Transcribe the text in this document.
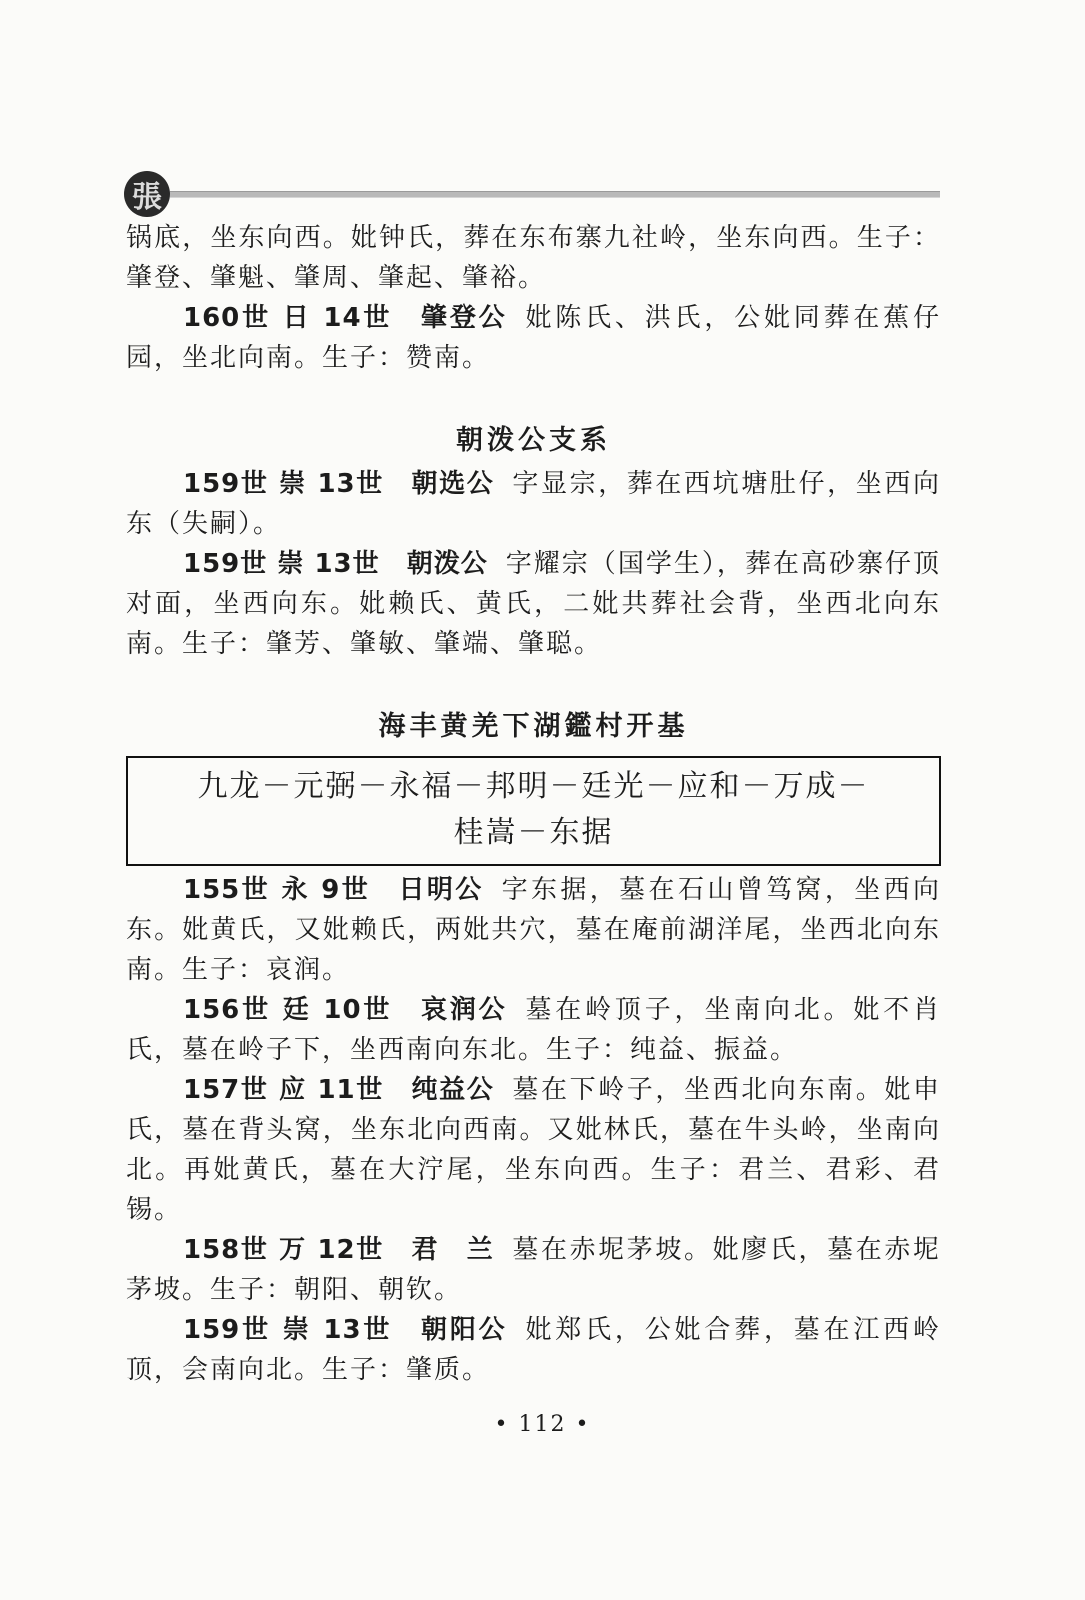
張

锅底，坐东向西。妣钟氏，葬在东布寨九社岭，坐东向西。生子：肇登、肇魁、肇周、肇起、肇裕。

160世 日 14世　肇登公 妣陈氏、洪氏，公妣同葬在蕉仔园，坐北向南。生子：赞南。

朝泼公支系

159世 崇 13世　朝选公 字显宗，葬在西坑塘肚仔，坐西向东（失嗣）。

159世 崇 13世　朝泼公 字耀宗（国学生），葬在高砂寨仔顶对面，坐西向东。妣赖氏、黄氏，二妣共葬社会背，坐西北向东南。生子：肇芳、肇敏、肇端、肇聪。

海丰黄羌下湖鑑村开基

九龙－元弼－永福－邦明－廷光－应和－万成－
桂嵩－东据

155世 永 9世　日明公 字东据，墓在石山曾笃窝，坐西向东。妣黄氏，又妣赖氏，两妣共穴，墓在庵前湖洋尾，坐西北向东南。生子：哀润。

156世 廷 10世　哀润公 墓在岭顶子，坐南向北。妣不肖氏，墓在岭子下，坐西南向东北。生子：纯益、振益。

157世 应 11世　纯益公 墓在下岭子，坐西北向东南。妣申氏，墓在背头窝，坐东北向西南。又妣林氏，墓在牛头岭，坐南向北。再妣黄氏，墓在大泞尾，坐东向西。生子：君兰、君彩、君锡。

158世 万 12世　君　兰 墓在赤坭茅坡。妣廖氏，墓在赤坭茅坡。生子：朝阳、朝钦。

159世 崇 13世　朝阳公 妣郑氏，公妣合葬，墓在江西岭顶，会南向北。生子：肇质。

• 112 •
